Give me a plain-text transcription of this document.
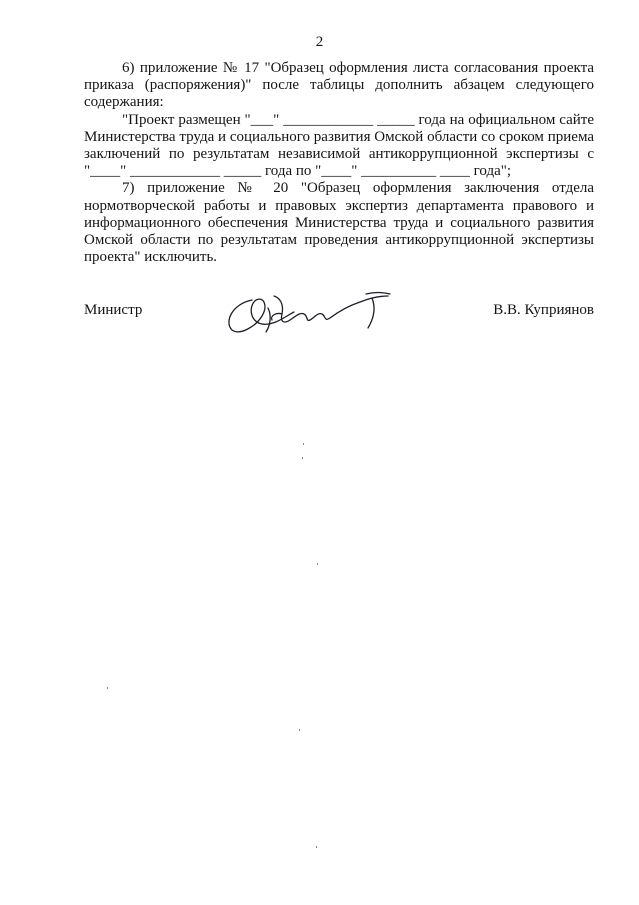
2

6) приложение № 17 "Образец оформления листа согласования проекта приказа (распоряжения)" после таблицы дополнить абзацем следующего содержания:

"Проект размещен "___" ____________ _____ года на официальном сайте Министерства труда и социального развития Омской области со сроком приема заключений по результатам независимой антикоррупционной экспертизы с "____" ____________ _____ года по "____" __________ ____ года";

7) приложение № 20 "Образец оформления заключения отдела нормотворческой работы и правовых экспертиз департамента правового и информационного обеспечения Министерства труда и социального развития Омской области по результатам проведения антикоррупционной экспертизы проекта" исключить.

Министр	В.В. Куприянов
